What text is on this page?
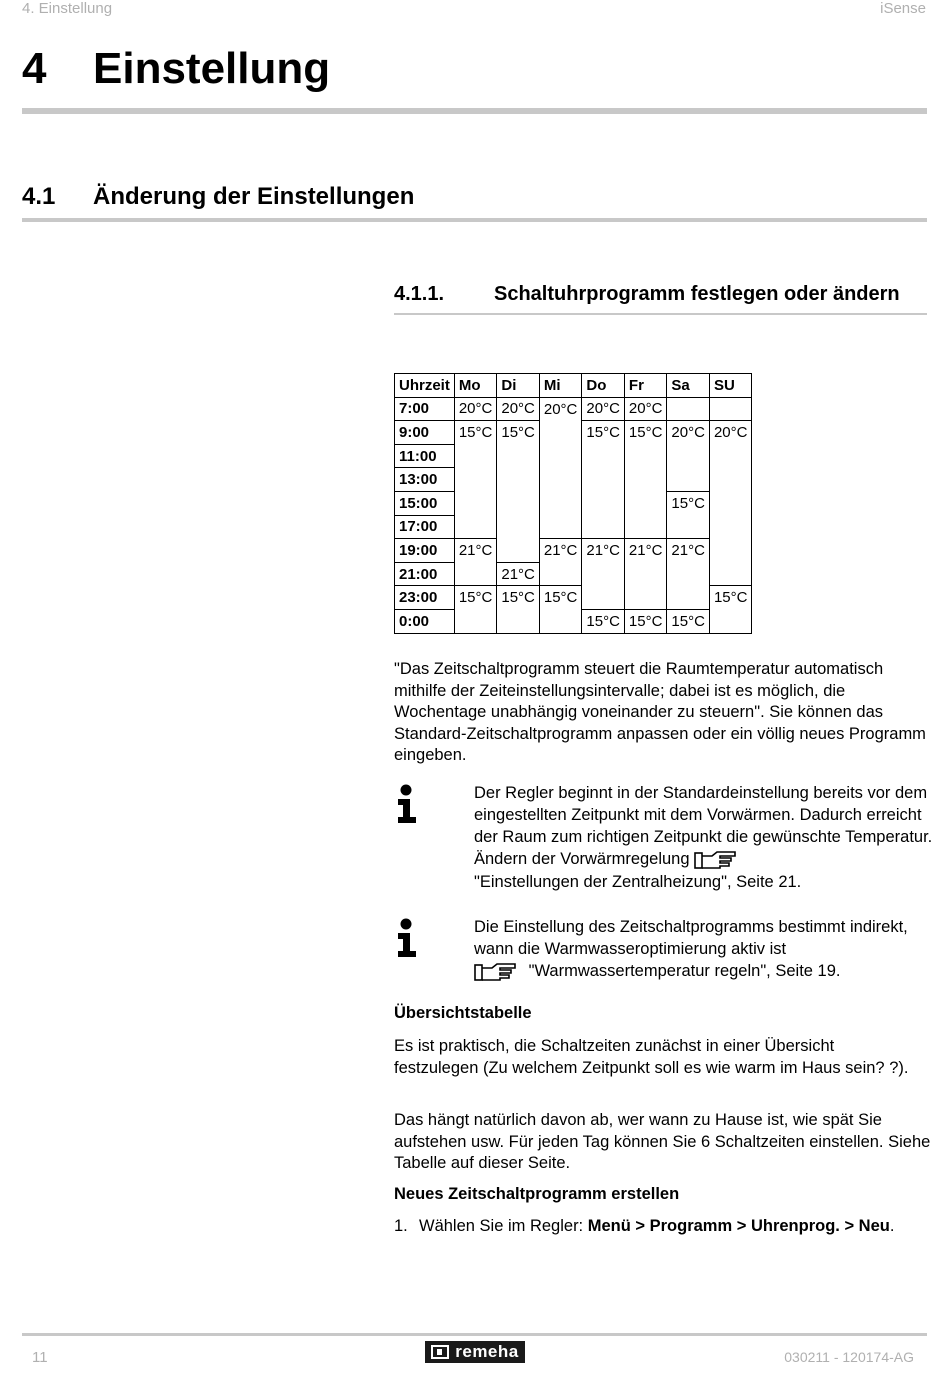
4. Einstellung	iSense
4 Einstellung
4.1 Änderung der Einstellungen
4.1.1. Schaltuhrprogramm festlegen oder ändern
Uhrzeit	Mo	Di	Mi	Do	Fr	Sa	SU
7:00	20°C	20°C	20°C	20°C	20°C		
9:00	15°C	15°C		15°C	15°C	20°C	20°C
11:00							
13:00							
15:00						15°C	
17:00							
19:00	21°C		21°C	21°C	21°C	21°C	
21:00		21°C					
23:00	15°C	15°C	15°C				15°C
0:00				15°C	15°C	15°C	
"Das Zeitschaltprogramm steuert die Raumtemperatur automatisch mithilfe der Zeiteinstellungsintervalle; dabei ist es möglich, die Wochentage unabhängig voneinander zu steuern". Sie können das Standard-Zeitschaltprogramm anpassen oder ein völlig neues Programm eingeben.
Der Regler beginnt in der Standardeinstellung bereits vor dem eingestellten Zeitpunkt mit dem Vorwärmen. Dadurch erreicht der Raum zum richtigen Zeitpunkt die gewünschte Temperatur. Ändern der Vorwärmregelung
"Einstellungen der Zentralheizung", Seite 21.
Die Einstellung des Zeitschaltprogramms bestimmt indirekt, wann die Warmwasseroptimierung aktiv ist
"Warmwassertemperatur regeln", Seite 19.
Übersichtstabelle
Es ist praktisch, die Schaltzeiten zunächst in einer Übersicht festzulegen (Zu welchem Zeitpunkt soll es wie warm im Haus sein? ?).
Das hängt natürlich davon ab, wer wann zu Hause ist, wie spät Sie aufstehen usw. Für jeden Tag können Sie 6 Schaltzeiten einstellen. Siehe Tabelle auf dieser Seite.
Neues Zeitschaltprogramm erstellen
1. Wählen Sie im Regler: Menü > Programm > Uhrenprog. > Neu.
11	remeha	030211 - 120174-AG
